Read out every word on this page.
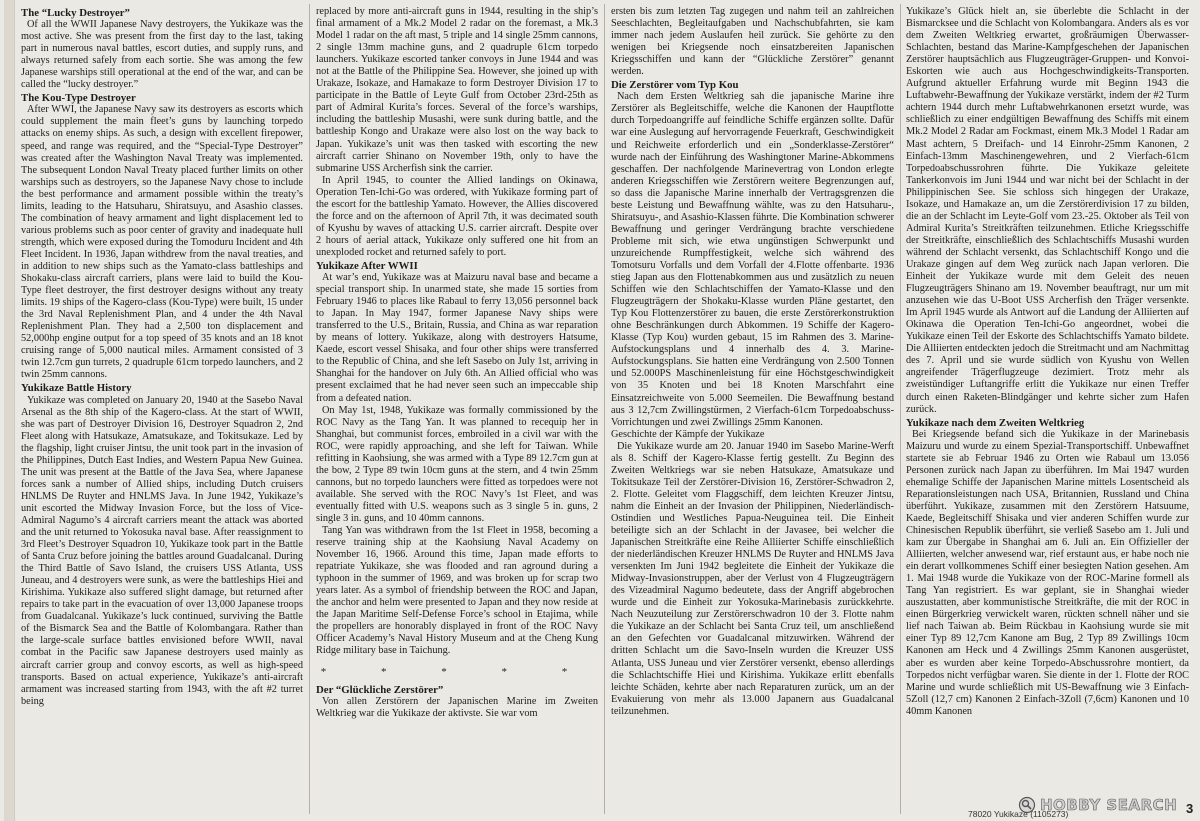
The “Lucky Destroyer”

Of all the WWII Japanese Navy destroyers, the Yukikaze was the most active. She was present from the first day to the last, taking part in numerous naval battles, escort duties, and supply runs, and always returned safely from each sortie. She was among the few Japanese warships still operational at the end of the war, and can be called the “lucky destroyer.”

The Kou-Type Destroyer

After WWI, the Japanese Navy saw its destroyers as escorts which could supplement the main fleet’s guns by launching torpedo attacks on enemy ships. As such, a design with excellent firepower, speed, and range was required, and the “Special-Type Destroyer” was created after the Washington Naval Treaty was implemented. The subsequent London Naval Treaty placed further limits on other warships such as destroyers, so the Japanese Navy chose to include the best performance and armament possible within the treaty’s limits, leading to the Hatsuharu, Shiratsuyu, and Asashio classes. The combination of heavy armament and light displacement led to various problems such as poor center of gravity and inadequate hull strength, which were exposed during the Tomoduru Incident and 4th Fleet Incident. In 1936, Japan withdrew from the naval treaties, and in addition to new ships such as the Yamato-class battleships and Shokaku-class aircraft carriers, plans were laid to build the Kou-Type fleet destroyer, the first destroyer designs without any treaty limits. 19 ships of the Kagero-class (Kou-Type) were built, 15 under the 3rd Naval Replenishment Plan, and 4 under the 4th Naval Replenishment Plan. They had a 2,500 ton displacement and 52,000hp engine output for a top speed of 35 knots and an 18 knot cruising range of 5,000 nautical miles. Armament consisted of 3 twin 12.7cm gun turrets, 2 quadruple 61cm torpedo launchers, and 2 twin 25mm cannons.

Yukikaze Battle History

Yukikaze was completed on January 20, 1940 at the Sasebo Naval Arsenal as the 8th ship of the Kagero-class. At the start of WWII, she was part of Destroyer Division 16, Destroyer Squadron 2, 2nd Fleet along with Hatsukaze, Amatsukaze, and Tokitsukaze. Led by the flagship, light cruiser Jintsu, the unit took part in the invasion of the Philippines, Dutch East Indies, and Western Papua New Guinea. The unit was present at the Battle of the Java Sea, where Japanese forces sank a number of Allied ships, including Dutch cruisers HNLMS De Ruyter and HNLMS Java. In June 1942, Yukikaze’s unit escorted the Midway Invasion Force, but the loss of Vice-Admiral Nagumo’s 4 aircraft carriers meant the attack was aborted and the unit returned to Yokosuka naval base. After reassignment to 3rd Fleet’s Destroyer Squadron 10, Yukikaze took part in the Battle of Santa Cruz before joining the battles around Guadalcanal. During the Third Battle of Savo Island, the cruisers USS Atlanta, USS Juneau, and 4 destroyers were sunk, as were the battleships Hiei and Kirishima. Yukikaze also suffered slight damage, but returned after repairs to take part in the evacuation of over 13,000 Japanese troops from Guadalcanal. Yukikaze’s luck continued, surviving the Battle of the Bismarck Sea and the Battle of Kolombangara. Rather than the large-scale surface battles envisioned before WWII, naval combat in the Pacific saw Japanese destroyers used mainly as aircraft carrier group and convoy escorts, as well as high-speed transports. Based on actual experience, Yukikaze’s anti-aircraft armament was increased starting from 1943, with the aft #2 turret being

replaced by more anti-aircraft guns in 1944, resulting in the ship’s final armament of a Mk.2 Model 2 radar on the foremast, a Mk.3 Model 1 radar on the aft mast, 5 triple and 14 single 25mm cannons, 2 single 13mm machine guns, and 2 quadruple 61cm torpedo launchers. Yukikaze escorted tanker convoys in June 1944 and was not at the Battle of the Philippine Sea. However, she joined up with Urakaze, Isokaze, and Hamakaze to form Destroyer Division 17 to participate in the Battle of Leyte Gulf from October 23rd-25th as part of Admiral Kurita’s forces. Several of the force’s warships, including the battleship Musashi, were sunk during battle, and the battleship Kongo and Urakaze were also lost on the way back to Japan. Yukikaze’s unit was then tasked with escorting the new aircraft carrier Shinano on November 19th, only to have the submarine USS Archerfish sink the carrier.

In April 1945, to counter the Allied landings on Okinawa, Operation Ten-Ichi-Go was ordered, with Yukikaze forming part of the escort for the battleship Yamato. However, the Allies discovered the force and on the afternoon of April 7th, it was decimated south of Kyushu by waves of attacking U.S. carrier aircraft. Despite over 2 hours of aerial attack, Yukikaze only suffered one hit from an unexploded rocket and returned safely to port.

Yukikaze After WWII

At war’s end, Yukikaze was at Maizuru naval base and became a special transport ship. In unarmed state, she made 15 sorties from February 1946 to places like Rabaul to ferry 13,056 personnel back to Japan. In May 1947, former Japanese Navy ships were transferred to the U.S., Britain, Russia, and China as war reparation by means of lottery. Yukikaze, along with destroyers Hatsume, Kaede, escort vessel Shisaka, and four other ships were transferred to the Republic of China, and she left Sasebo on July 1st, arriving in Shanghai for the handover on July 6th. An Allied official who was present exclaimed that he had never seen such an impeccable ship from a defeated nation.

On May 1st, 1948, Yukikaze was formally commissioned by the ROC Navy as the Tang Yan. It was planned to recequip her in Shanghai, but communist forces, embroiled in a civil war with the ROC, were rapidly approaching, and she left for Taiwan. While refitting in Kaohsiung, she was armed with a Type 89 12.7cm gun at the bow, 2 Type 89 twin 10cm guns at the stern, and 4 twin 25mm cannons, but no torpedo launchers were fitted as torpedoes were not available. She served with the ROC Navy’s 1st Fleet, and was eventually fitted with U.S. weapons such as 3 single 5 in. guns, 2 single 3 in. guns, and 10 40mm cannons.

Tang Yan was withdrawn from the 1st Fleet in 1958, becoming a reserve training ship at the Kaohsiung Naval Academy on November 16, 1966. Around this time, Japan made efforts to repatriate Yukikaze, she was flooded and ran aground during a typhoon in the summer of 1969, and was broken up for scrap two years later. As a symbol of friendship between the ROC and Japan, the anchor and helm were presented to Japan and they now reside at the Japan Maritime Self-Defense Force’s school in Etajima, while the propellers are honorably displayed in front of the ROC Navy Officer Academy’s Naval History Museum and at the Cheng Kung Ridge military base in Taichung.

* * * * *
Der “Glückliche Zerstörer”

Von allen Zerstörern der Japanischen Marine im Zweiten Weltkrieg war die Yukikaze der aktivste. Sie war vom

ersten bis zum letzten Tag zugegen und nahm teil an zahlreichen Seeschlachten, Begleitaufgaben und Nachschubfahrten, sie kam immer nach jedem Auslaufen heil zurück. Sie gehörte zu den wenigen bei Kriegsende noch einsatzbereiten Japanischen Kriegsschiffen und kann der “Glückliche Zerstörer” genannt werden.

Die Zerstörer vom Typ Kou

Nach dem Ersten Weltkrieg sah die japanische Marine ihre Zerstörer als Begleitschiffe, welche die Kanonen der Hauptflotte durch Torpedoangriffe auf feindliche Schiffe ergänzen sollte. Dafür war eine Auslegung auf hervorragende Feuerkraft, Geschwindigkeit und Reichweite erforderlich und ein „Sonderklasse-Zerstörer“ wurde nach der Einführung des Washingtoner Marine-Abkommens geschaffen. Der nachfolgende Marinevertrag von London erlegte anderen Kriegsschiffen wie Zerstörern weitere Begrenzungen auf, so dass die Japanische Marine innerhalb der Vertragsgrenzen die beste Leistung und Bewaffnung wählte, was zu den Hatsuharu-, Shiratsuyu-, and Asashio-Klassen führte. Die Kombination schwerer Bewaffnung und geringer Verdrängung brachte verschiedene Probleme mit sich, wie etwa ungünstigen Schwerpunkt und unzureichende Rumpffestigkeit, welche sich während des Tomotsuru Vorfalls und dem Vorfall der 4.Flotte offenbarte. 1936 stieg Japan aus den Flottenabkommen aus und zusätzlich zu neuen Schiffen wie den Schlachtschiffen der Yamato-Klasse und den Flugzeugträgern der Shokaku-Klasse wurden Pläne gestartet, den Typ Kou Flottenzerstörer zu bauen, die erste Zerstörerkonstruktion ohne Beschränkungen durch Abkommen. 19 Schiffe der Kagero-Klasse (Typ Kou) wurden gebaut, 15 im Rahmen des 3. Marine-Aufstockungsplans und 4 innerhalb des 4. 3. Marine-Aufstockungsplans. Sie hatten eine Verdrängung von 2.500 Tonnen und 52.000PS Maschinenleistung für eine Höchstgeschwindigkeit von 35 Knoten und bei 18 Knoten Marschfahrt eine Einsatzreichweite von 5.000 Seemeilen. Die Bewaffnung bestand aus 3 12,7cm Zwillingstürmen, 2 Vierfach-61cm Torpedoabschuss-Vorrichtungen und zwei Zwillings 25mm Kanonen.

Geschichte der Kämpfe der Yukikaze

Die Yukikaze wurde am 20. Januar 1940 im Sasebo Marine-Werft als 8. Schiff der Kagero-Klasse fertig gestellt. Zu Beginn des Zweiten Weltkriegs war sie neben Hatsukaze, Amatsukaze und Tokitsukaze Teil der Zerstörer-Division 16, Zerstörer-Schwadron 2, 2. Flotte. Geleitet vom Flaggschiff, dem leichten Kreuzer Jintsu, nahm die Einheit an der Invasion der Philippinen, Niederländisch-Ostindien und Westliches Papua-Neuguinea teil. Die Einheit beteiligte sich an der Schlacht in der Javasee, bei welcher die Japanischen Streitkräfte eine Reihe Alliierter Schiffe einschließlich der niederländischen Kreuzer HNLMS De Ruyter and HNLMS Java versenkten Im Juni 1942 begleitete die Einheit der Yukikaze die Midway-Invasionstruppen, aber der Verlust von 4 Flugzeugträgern des Vizeadmiral Nagumo bedeutete, dass der Angriff abgebrochen wurde und die Einheit zur Yokosuka-Marinebasis zurückkehrte. Nach Neuzuteilung zur Zerstörerschwadron 10 der 3. Flotte nahm die Yukikaze an der Schlacht bei Santa Cruz teil, um anschließend an den Gefechten vor Guadalcanal mitzuwirken. Während der dritten Schlacht um die Savo-Inseln wurden die Kreuzer USS Atlanta, USS Juneau und vier Zerstörer versenkt, ebenso allerdings die Schlachtschiffe Hiei und Kirishima. Yukikaze erlitt ebenfalls leichte Schäden, kehrte aber nach Reparaturen zurück, um an der Evakuierung von mehr als 13.000 Japanern aus Guadalcanal teilzunehmen.

Yukikaze’s Glück hielt an, sie überlebte die Schlacht in der Bismarcksee und die Schlacht von Kolombangara. Anders als es vor dem Zweiten Weltkrieg erwartet, großräumigen Überwasser-Schlachten, bestand das Marine-Kampfgeschehen der Japanischen Zerstörer hauptsächlich aus Flugzeugträger-Gruppen- und Konvoi-Eskorten wie auch aus Hochgeschwindigkeits-Transporten. Aufgrund aktueller Erfahrung wurde mit Beginn 1943 die Luftabwehr-Bewaffnung der Yukikaze verstärkt, indem der #2 Turm achtern 1944 durch mehr Luftabwehrkanonen ersetzt wurde, was schließlich zu einer endgültigen Bewaffnung des Schiffs mit einem Mk.2 Model 2 Radar am Fockmast, einem Mk.3 Model 1 Radar am Mast achtern, 5 Dreifach- und 14 Einrohr-25mm Kanonen, 2 Einfach-13mm Maschinengewehren, und 2 Vierfach-61cm Torpedoabschussrohren führte. Die Yukikaze geleitete Tankerkonvois im Juni 1944 und war nicht bei der Schlacht in der Philippinischen See. Sie schloss sich hingegen der Urakaze, Isokaze, und Hamakaze an, um die Zerstörerdivision 17 zu bilden, die an der Schlacht im Leyte-Golf vom 23.-25. Oktober als Teil von Admiral Kurita’s Streitkräften teilzunehmen. Etliche Kriegsschiffe der Streitkräfte, einschließlich des Schlachtschiffs Musashi wurden während der Schlacht versenkt, das Schlachtschiff Kongo und die Urakaze gingen auf dem Weg zurück nach Japan verloren. Die Einheit der Yukikaze wurde mit dem Geleit des neuen Flugzeugträgers Shinano am 19. November beauftragt, nur um mit anzusehen wie das U-Boot USS Archerfish den Träger versenkte. Im April 1945 wurde als Antwort auf die Landung der Alliierten auf Okinawa die Operation Ten-Ichi-Go angeordnet, wobei die Yukikaze einen Teil der Eskorte des Schlachtschiffs Yamato bildete. Die Alliierten entdeckten jedoch die Streitmacht und am Nachmittag des 7. April und sie wurde südlich von Kyushu von Wellen angreifender Trägerflugzeuge dezimiert. Trotz mehr als zweistündiger Luftangriffe erlitt die Yukikaze nur einen Treffer durch einen Raketen-Blindgänger und kehrte sicher zum Hafen zurück.

Yukikaze nach dem Zweiten Weltkrieg

Bei Kriegsende befand sich die Yukikaze in der Marinebasis Maizuru und wurde zu einem Spezial-Transportschiff. Unbewaffnet startete sie ab Februar 1946 zu Orten wie Rabaul um 13.056 Personen zurück nach Japan zu überführen. Im Mai 1947 wurden ehemalige Schiffe der Japanischen Marine mittels Losentscheid als Reparationsleistungen nach USA, Britannien, Russland und China überführt. Yukikaze, zusammen mit den Zerstörern Hatsuume, Kaede, Begleitschiff Shisaka und vier anderen Schiffen wurde zur Chinesischen Republik überführt, sie verließ Sasebo am 1. Juli und kam zur Übergabe in Shanghai am 6. Juli an. Ein Offizieller der Alliierten, welcher anwesend war, rief erstaunt aus, er habe noch nie ein derart vollkommenes Schiff einer besiegten Nation gesehen. Am 1. Mai 1948 wurde die Yukikaze von der ROC-Marine formell als Tang Yan registriert. Es war geplant, sie in Shanghai wieder auszustatten, aber kommunistische Streitkräfte, die mit der ROC in einen Bürgerkrieg verwickelt waren, rückten schnell näher und sie lief nach Taiwan ab. Beim Rückbau in Kaohsiung wurde sie mit einer Typ 89 12,7cm Kanone am Bug, 2 Typ 89 Zwillings 10cm Kanonen am Heck und 4 Zwillings 25mm Kanonen ausgerüstet, aber es wurden aber keine Torpedo-Abschussrohre montiert, da Torpedos nicht verfügbar waren. Sie diente in der 1. Flotte der ROC Marine und wurde schließlich mit US-Bewaffnung wie 3 Einfach-5Zoll (12,7 cm) Kanonen 2 Einfach-3Zoll (7,6cm) Kanonen und 10 40mm Kanonen

HOBBY SEARCH
78020 Yukikaze (1105273)	3
